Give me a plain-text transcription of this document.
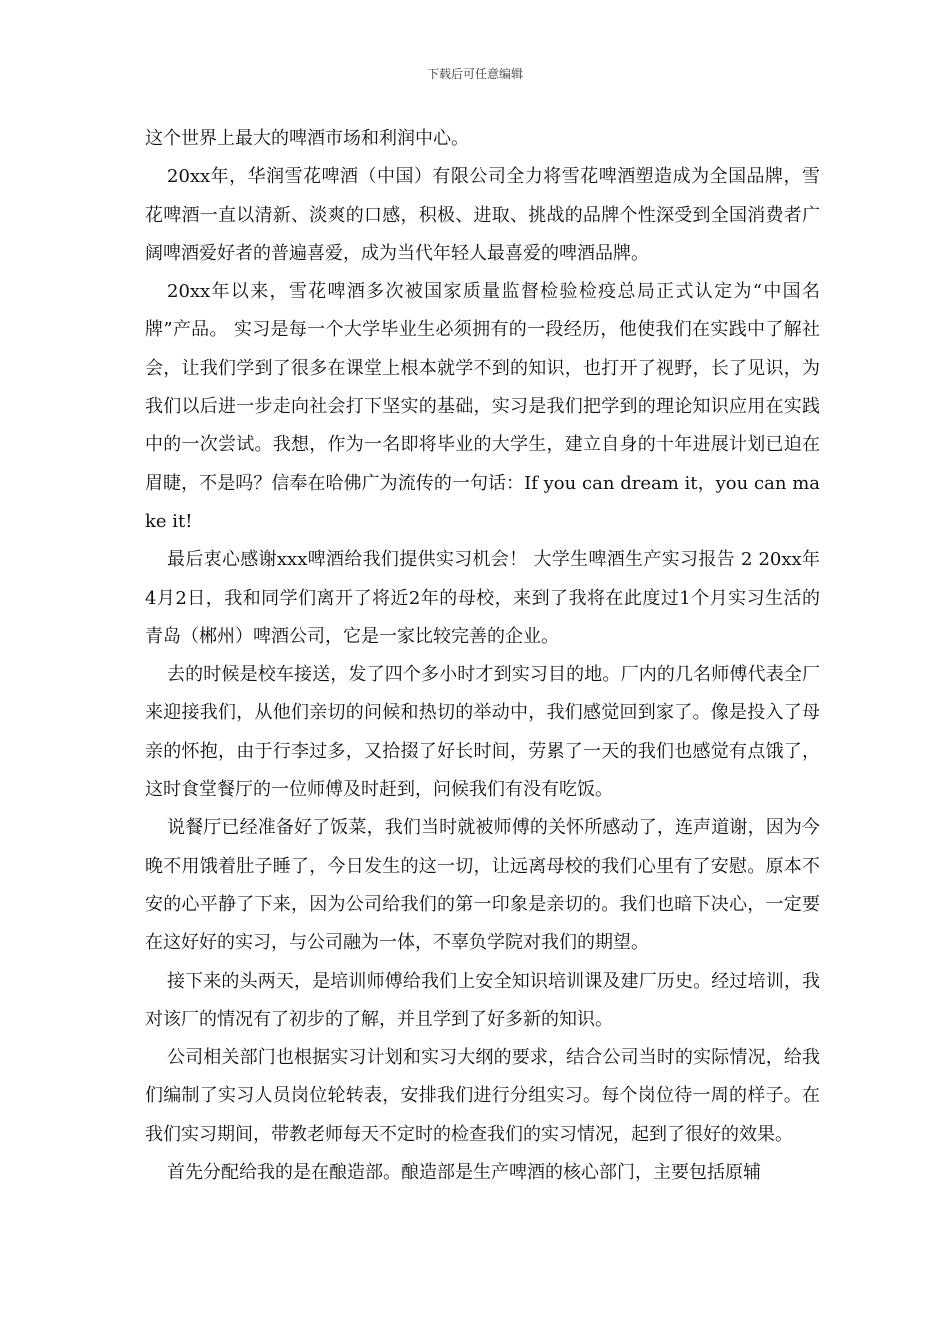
下载后可任意编辑

这个世界上最大的啤酒市场和利润中心。

20xx年，华润雪花啤酒（中国）有限公司全力将雪花啤酒塑造成为全国品牌，雪花啤酒一直以清新、淡爽的口感，积极、进取、挑战的品牌个性深受到全国消费者广阔啤酒爱好者的普遍喜爱，成为当代年轻人最喜爱的啤酒品牌。

20xx年以来，雪花啤酒多次被国家质量监督检验检疫总局正式认定为“中国名牌”产品。 实习是每一个大学毕业生必须拥有的一段经历，他使我们在实践中了解社会，让我们学到了很多在课堂上根本就学不到的知识，也打开了视野，长了见识，为我们以后进一步走向社会打下坚实的基础，实习是我们把学到的理论知识应用在实践中的一次尝试。我想，作为一名即将毕业的大学生，建立自身的十年进展计划已迫在眉睫，不是吗？信奉在哈佛广为流传的一句话：If you can dream it，you can make it!

最后衷心感谢xxx啤酒给我们提供实习机会！ 大学生啤酒生产实习报告 2 20xx年4月2日，我和同学们离开了将近2年的母校，来到了我将在此度过1个月实习生活的青岛（郴州）啤酒公司，它是一家比较完善的企业。

去的时候是校车接送，发了四个多小时才到实习目的地。厂内的几名师傅代表全厂来迎接我们，从他们亲切的问候和热切的举动中，我们感觉回到家了。像是投入了母亲的怀抱，由于行李过多，又拾掇了好长时间，劳累了一天的我们也感觉有点饿了，这时食堂餐厅的一位师傅及时赶到，问候我们有没有吃饭。

说餐厅已经准备好了饭菜，我们当时就被师傅的关怀所感动了，连声道谢，因为今晚不用饿着肚子睡了，今日发生的这一切，让远离母校的我们心里有了安慰。原本不安的心平静了下来，因为公司给我们的第一印象是亲切的。我们也暗下决心，一定要在这好好的实习，与公司融为一体，不辜负学院对我们的期望。

接下来的头两天，是培训师傅给我们上安全知识培训课及建厂历史。经过培训，我对该厂的情况有了初步的了解，并且学到了好多新的知识。

公司相关部门也根据实习计划和实习大纲的要求，结合公司当时的实际情况，给我们编制了实习人员岗位轮转表，安排我们进行分组实习。每个岗位待一周的样子。在我们实习期间，带教老师每天不定时的检查我们的实习情况，起到了很好的效果。

首先分配给我的是在酿造部。酿造部是生产啤酒的核心部门，主要包括原辅
